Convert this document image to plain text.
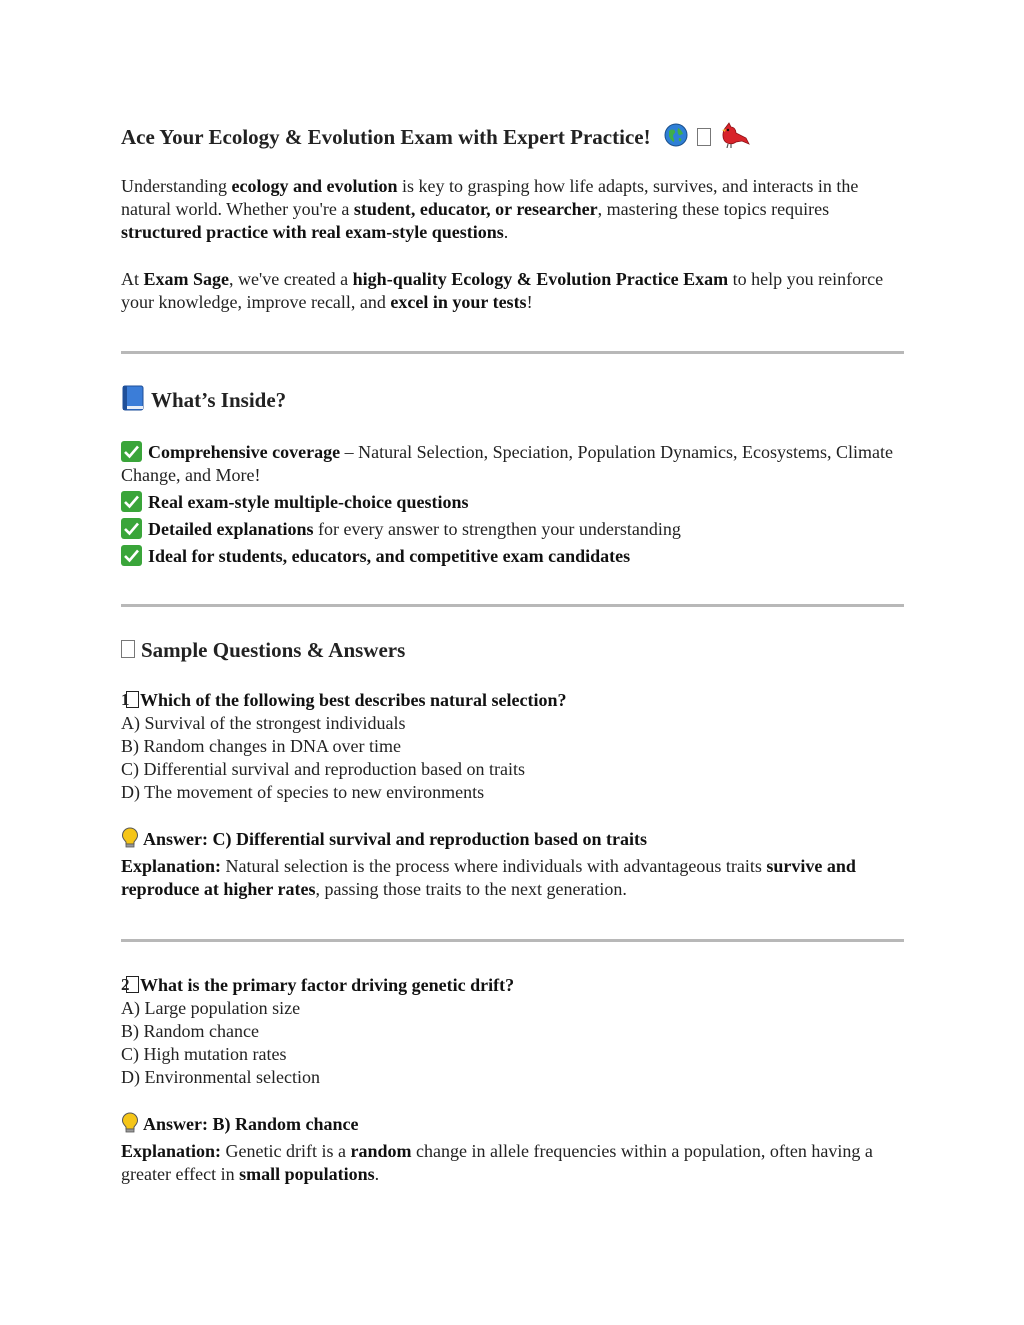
Ace Your Ecology & Evolution Exam with Expert Practice!

Understanding ecology and evolution is key to grasping how life adapts, survives, and interacts in the natural world. Whether you're a student, educator, or researcher, mastering these topics requires structured practice with real exam-style questions.

At Exam Sage, we've created a high-quality Ecology & Evolution Practice Exam to help you reinforce your knowledge, improve recall, and excel in your tests!

What’s Inside?

Comprehensive coverage – Natural Selection, Speciation, Population Dynamics, Ecosystems, Climate Change, and More!

Real exam-style multiple-choice questions

Detailed explanations for every answer to strengthen your understanding

Ideal for students, educators, and competitive exam candidates

Sample Questions & Answers
1 Which of the following best describes natural selection?
A) Survival of the strongest individuals
B) Random changes in DNA over time
C) Differential survival and reproduction based on traits
D) The movement of species to new environments
Answer: C) Differential survival and reproduction based on traits
Explanation: Natural selection is the process where individuals with advantageous traits survive and reproduce at higher rates, passing those traits to the next generation.
2 What is the primary factor driving genetic drift?
A) Large population size
B) Random chance
C) High mutation rates
D) Environmental selection
Answer: B) Random chance
Explanation: Genetic drift is a random change in allele frequencies within a population, often having a greater effect in small populations.
